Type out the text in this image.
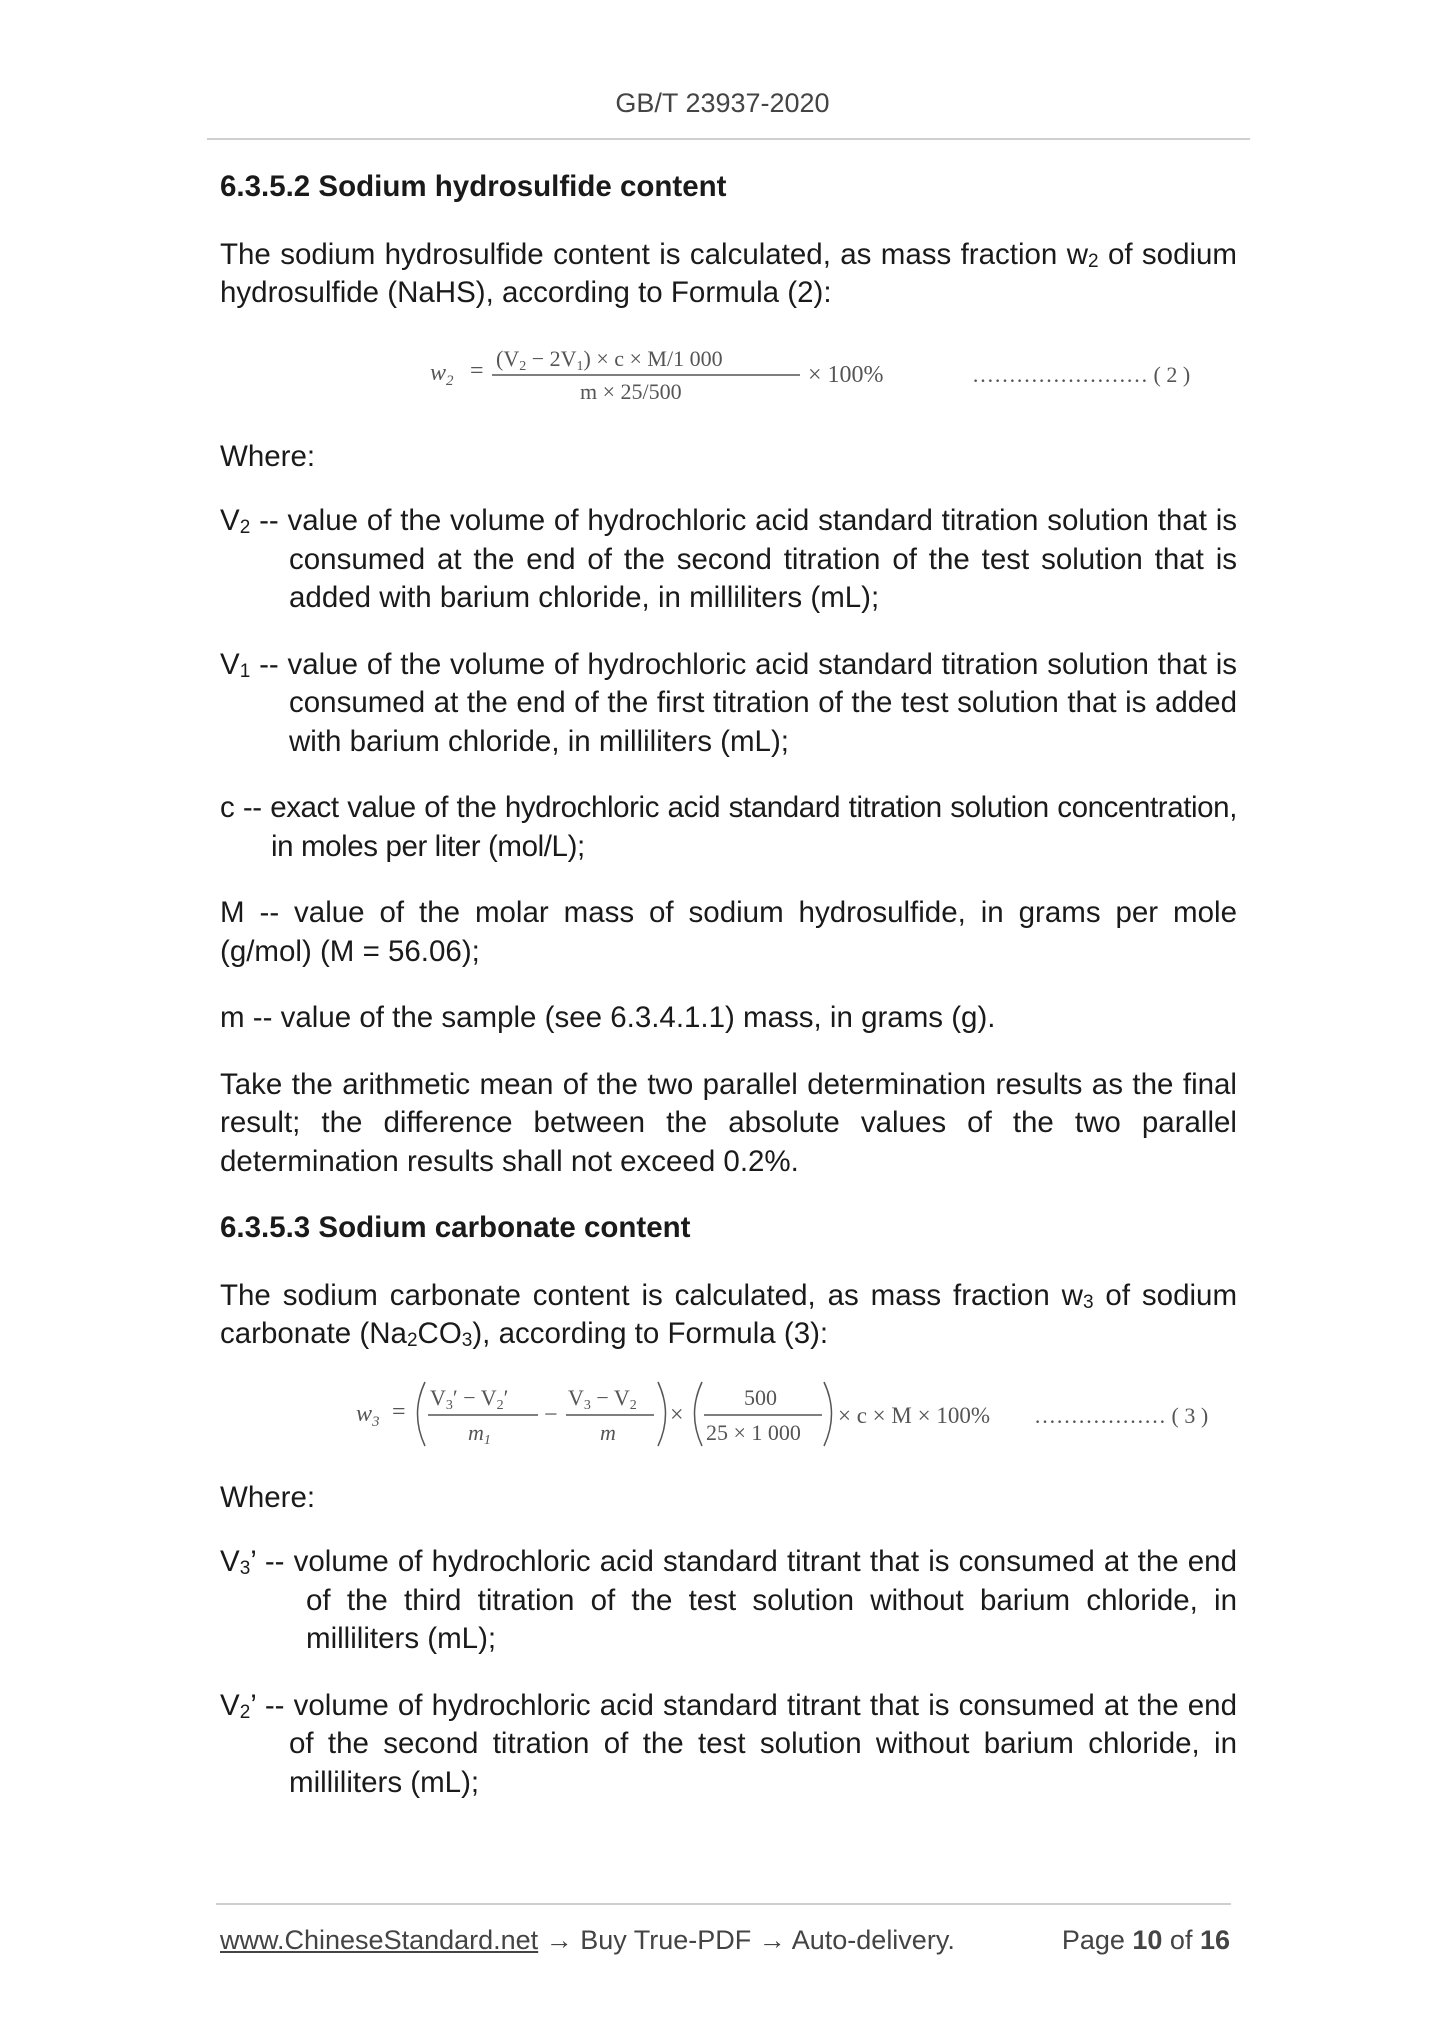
GB/T 23937-2020
6.3.5.2 Sodium hydrosulfide content

The sodium hydrosulfide content is calculated, as mass fraction $w_2$ of sodium hydrosulfide (NaHS), according to Formula (2):

$w_2 = (V2 - 2V1) \times c \times M/1$ 000
m × 25/500
× 100%	…………………… ( 2 )

Where:

$V_2$ -- value of the volume of hydrochloric acid standard titration solution that is consumed at the end of the second titration of the test solution that is added with barium chloride, in milliliters (mL);

$V_1$ -- value of the volume of hydrochloric acid standard titration solution that is consumed at the end of the first titration of the test solution that is added with barium chloride, in milliliters (mL);

c -- exact value of the hydrochloric acid standard titration solution concentration, in moles per liter (mol/L);

M -- value of the molar mass of sodium hydrosulfide, in grams per mole (g/mol) (M = 56.06);

m -- value of the sample (see 6.3.4.1.1) mass, in grams (g).

Take the arithmetic mean of the two parallel determination results as the final result; the difference between the absolute values of the two parallel determination results shall not exceed 0.2%.

6.3.5.3 Sodium carbonate content

The sodium carbonate content is calculated, as mass fraction $w_3$ of sodium carbonate $(Na_2CO_3)$, according to Formula (3):

$w_3$ =
V3′ − V2′
m1
−
V3 − V2
m
×
500
25 × 1 000
× c × M × 100% ……………… ( 3 )

Where:

$V_3$’ -- volume of hydrochloric acid standard titrant that is consumed at the end of the third titration of the test solution without barium chloride, in milliliters (mL);

$V_2$’ -- volume of hydrochloric acid standard titrant that is consumed at the end of the second titration of the test solution without barium chloride, in milliliters (mL);

www.ChineseStandard.net → Buy True-PDF → Auto-delivery.	Page 10 of 16
